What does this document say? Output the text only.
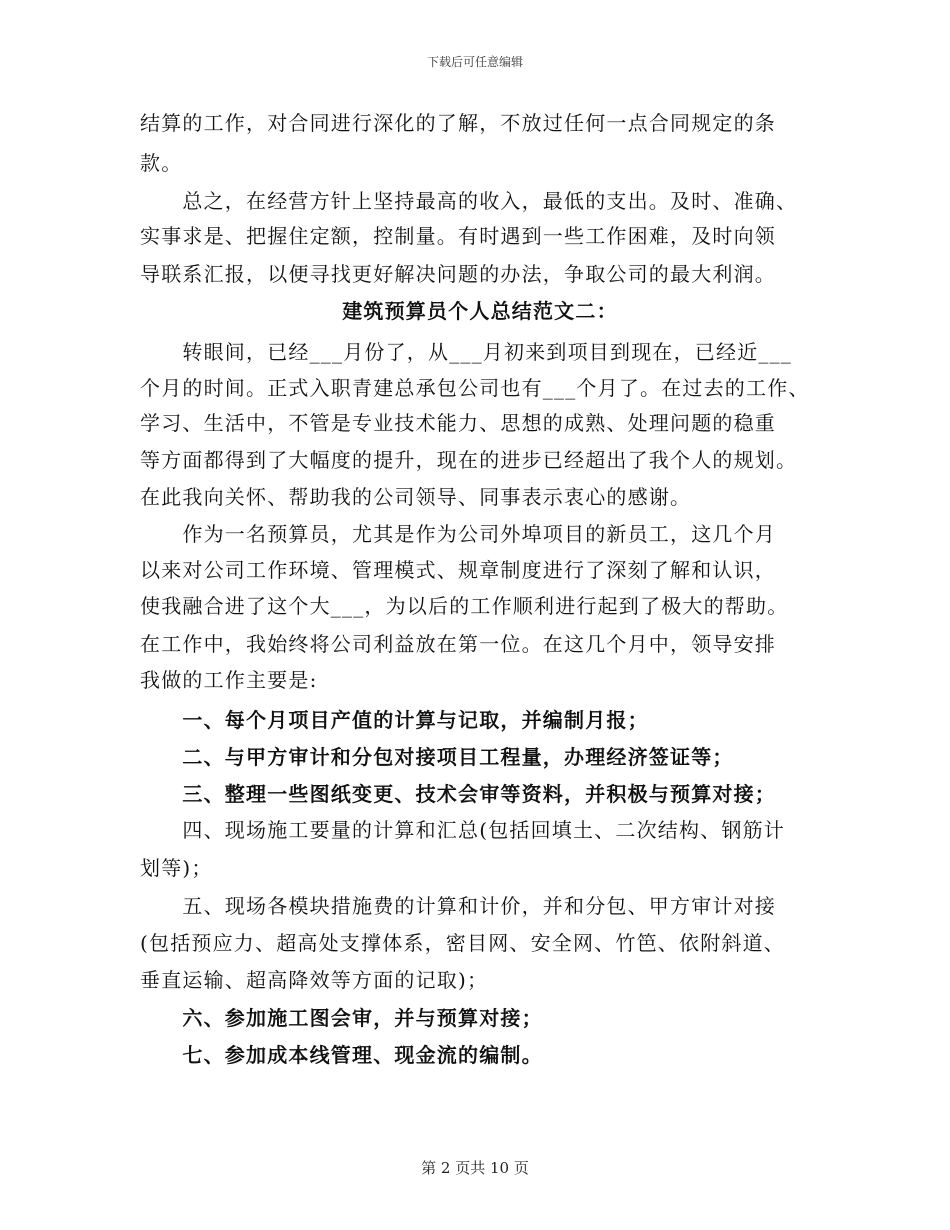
下载后可任意编辑
结算的工作，对合同进行深化的了解，不放过任何一点合同规定的条
款。
　　总之，在经营方针上坚持最高的收入，最低的支出。及时、准确、
实事求是、把握住定额，控制量。有时遇到一些工作困难，及时向领
导联系汇报，以便寻找更好解决问题的办法，争取公司的最大利润。
建筑预算员个人总结范文二：
　　转眼间，已经___月份了，从___月初来到项目到现在，已经近___
个月的时间。正式入职青建总承包公司也有___个月了。在过去的工作、
学习、生活中，不管是专业技术能力、思想的成熟、处理问题的稳重
等方面都得到了大幅度的提升，现在的进步已经超出了我个人的规划。
在此我向关怀、帮助我的公司领导、同事表示衷心的感谢。
　　作为一名预算员，尤其是作为公司外埠项目的新员工，这几个月
以来对公司工作环境、管理模式、规章制度进行了深刻了解和认识，
使我融合进了这个大___，为以后的工作顺利进行起到了极大的帮助。
在工作中，我始终将公司利益放在第一位。在这几个月中，领导安排
我做的工作主要是:
　　一、每个月项目产值的计算与记取，并编制月报；
　　二、与甲方审计和分包对接项目工程量，办理经济签证等；
　　三、整理一些图纸变更、技术会审等资料，并积极与预算对接；
　　四、现场施工要量的计算和汇总(包括回填土、二次结构、钢筋计
划等)；
　　五、现场各模块措施费的计算和计价，并和分包、甲方审计对接
(包括预应力、超高处支撑体系，密目网、安全网、竹笆、依附斜道、
垂直运输、超高降效等方面的记取)；
　　六、参加施工图会审，并与预算对接；
　　七、参加成本线管理、现金流的编制。
第 2 页共 10 页
